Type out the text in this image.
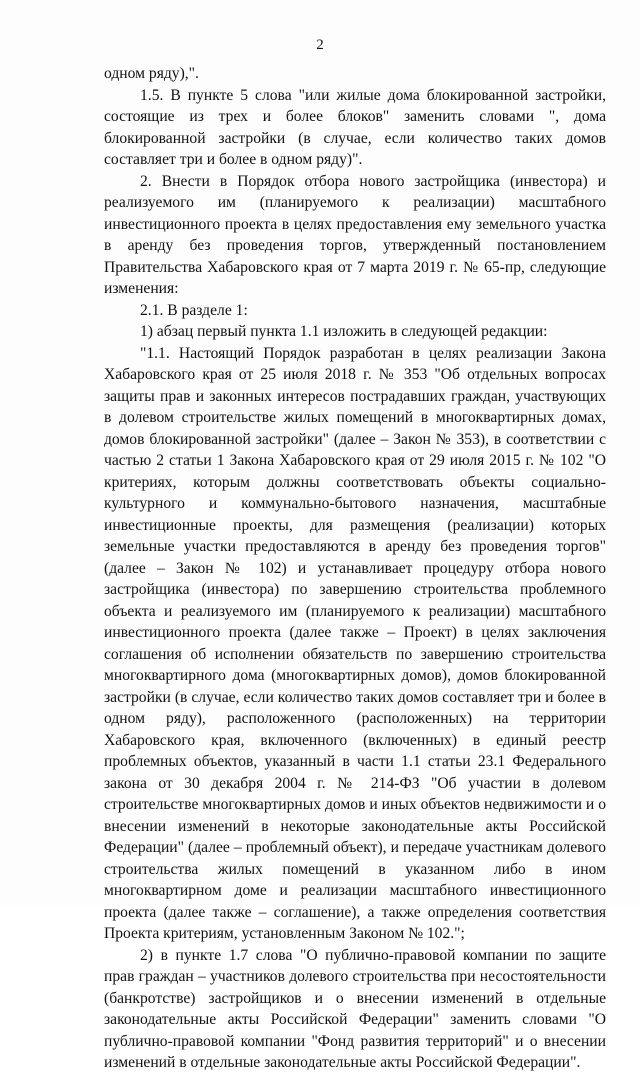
2

одном ряду),".

1.5. В пункте 5 слова "или жилые дома блокированной застройки, состоящие из трех и более блоков" заменить словами ", дома блокированной застройки (в случае, если количество таких домов составляет три и более в одном ряду)".

2. Внести в Порядок отбора нового застройщика (инвестора) и реализуемого им (планируемого к реализации) масштабного инвестиционного проекта в целях предоставления ему земельного участка в аренду без проведения торгов, утвержденный постановлением Правительства Хабаровского края от 7 марта 2019 г. № 65-пр, следующие изменения:

2.1. В разделе 1:

1) абзац первый пункта 1.1 изложить в следующей редакции:

"1.1. Настоящий Порядок разработан в целях реализации Закона Хабаровского края от 25 июля 2018 г. № 353 "Об отдельных вопросах защиты прав и законных интересов пострадавших граждан, участвующих в долевом строительстве жилых помещений в многоквартирных домах, домов блокированной застройки" (далее – Закон № 353), в соответствии с частью 2 статьи 1 Закона Хабаровского края от 29 июля 2015 г. № 102 "О критериях, которым должны соответствовать объекты социально-культурного и коммунально-бытового назначения, масштабные инвестиционные проекты, для размещения (реализации) которых земельные участки предоставляются в аренду без проведения торгов" (далее – Закон № 102) и устанавливает процедуру отбора нового застройщика (инвестора) по завершению строительства проблемного объекта и реализуемого им (планируемого к реализации) масштабного инвестиционного проекта (далее также – Проект) в целях заключения соглашения об исполнении обязательств по завершению строительства многоквартирного дома (многоквартирных домов), домов блокированной застройки (в случае, если количество таких домов составляет три и более в одном ряду), расположенного (расположенных) на территории Хабаровского края, включенного (включенных) в единый реестр проблемных объектов, указанный в части 1.1 статьи 23.1 Федерального закона от 30 декабря 2004 г. № 214-ФЗ "Об участии в долевом строительстве многоквартирных домов и иных объектов недвижимости и о внесении изменений в некоторые законодательные акты Российской Федерации" (далее – проблемный объект), и передаче участникам долевого строительства жилых помещений в указанном либо в ином многоквартирном доме и реализации масштабного инвестиционного проекта (далее также – соглашение), а также определения соответствия Проекта критериям, установленным Законом № 102.";

2) в пункте 1.7 слова "О публично-правовой компании по защите прав граждан – участников долевого строительства при несостоятельности (банкротстве) застройщиков и о внесении изменений в отдельные законодательные акты Российской Федерации" заменить словами "О публично-правовой компании "Фонд развития территорий" и о внесении изменений в отдельные законодательные акты Российской Федерации".
